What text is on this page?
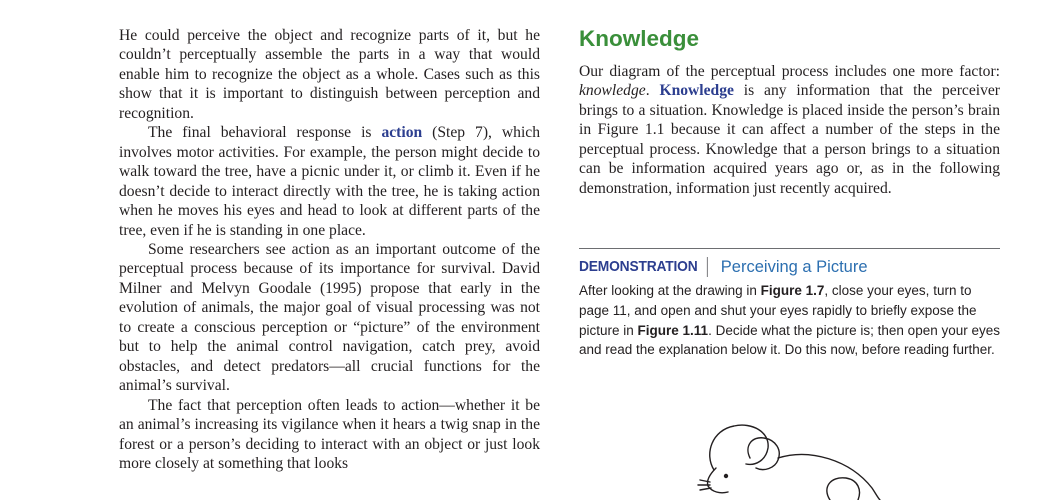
He could perceive the object and recognize parts of it, but he couldn’t perceptually assemble the parts in a way that would enable him to recognize the object as a whole. Cases such as this show that it is important to distinguish between perception and recognition.

The final behavioral response is action (Step 7), which involves motor activities. For example, the person might decide to walk toward the tree, have a picnic under it, or climb it. Even if he doesn’t decide to interact directly with the tree, he is taking action when he moves his eyes and head to look at different parts of the tree, even if he is standing in one place.

Some researchers see action as an important outcome of the perceptual process because of its importance for survival. David Milner and Melvyn Goodale (1995) propose that early in the evolution of animals, the major goal of visual processing was not to create a conscious perception or “picture” of the environment but to help the animal control navigation, catch prey, avoid obstacles, and detect predators—all crucial functions for the animal’s survival.

The fact that perception often leads to action—whether it be an animal’s increasing its vigilance when it hears a twig snap in the forest or a person’s deciding to interact with an object or just look more closely at something that looks

Knowledge

Our diagram of the perceptual process includes one more factor: knowledge. Knowledge is any information that the perceiver brings to a situation. Knowledge is placed inside the person’s brain in Figure 1.1 because it can affect a number of the steps in the perceptual process. Knowledge that a person brings to a situation can be information acquired years ago or, as in the following demonstration, information just recently acquired.

DEMONSTRATION	Perceiving a Picture

After looking at the drawing in Figure 1.7, close your eyes, turn to page 11, and open and shut your eyes rapidly to briefly expose the picture in Figure 1.11. Decide what the picture is; then open your eyes and read the explanation below it. Do this now, before reading further.
